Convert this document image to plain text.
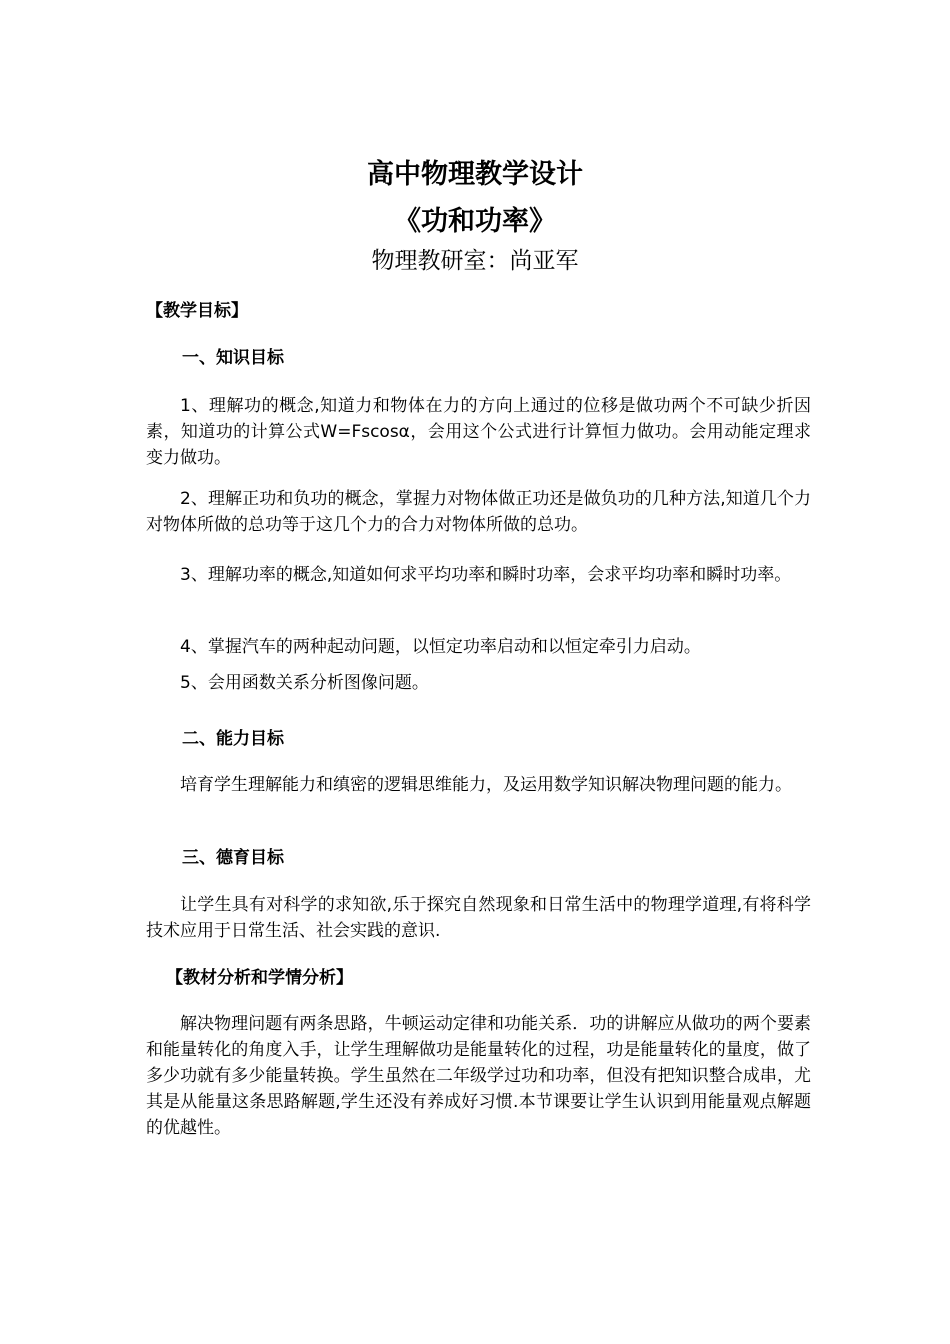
高中物理教学设计
《功和功率》
物理教研室：尚亚军
【教学目标】
一、知识目标
1、理解功的概念,知道力和物体在力的方向上通过的位移是做功两个不可缺少折因素，知道功的计算公式W=Fscosα，会用这个公式进行计算恒力做功。会用动能定理求变力做功。
2、理解正功和负功的概念，掌握力对物体做正功还是做负功的几种方法,知道几个力对物体所做的总功等于这几个力的合力对物体所做的总功。
3、理解功率的概念,知道如何求平均功率和瞬时功率，会求平均功率和瞬时功率。
4、掌握汽车的两种起动问题，以恒定功率启动和以恒定牵引力启动。
5、会用函数关系分析图像问题。
二、能力目标
培育学生理解能力和缜密的逻辑思维能力，及运用数学知识解决物理问题的能力。
三、德育目标
让学生具有对科学的求知欲,乐于探究自然现象和日常生活中的物理学道理,有将科学技术应用于日常生活、社会实践的意识.
【教材分析和学情分析】
解决物理问题有两条思路，牛顿运动定律和功能关系．功的讲解应从做功的两个要素和能量转化的角度入手，让学生理解做功是能量转化的过程，功是能量转化的量度，做了多少功就有多少能量转换。学生虽然在二年级学过功和功率，但没有把知识整合成串，尤其是从能量这条思路解题,学生还没有养成好习惯.本节课要让学生认识到用能量观点解题的优越性。
